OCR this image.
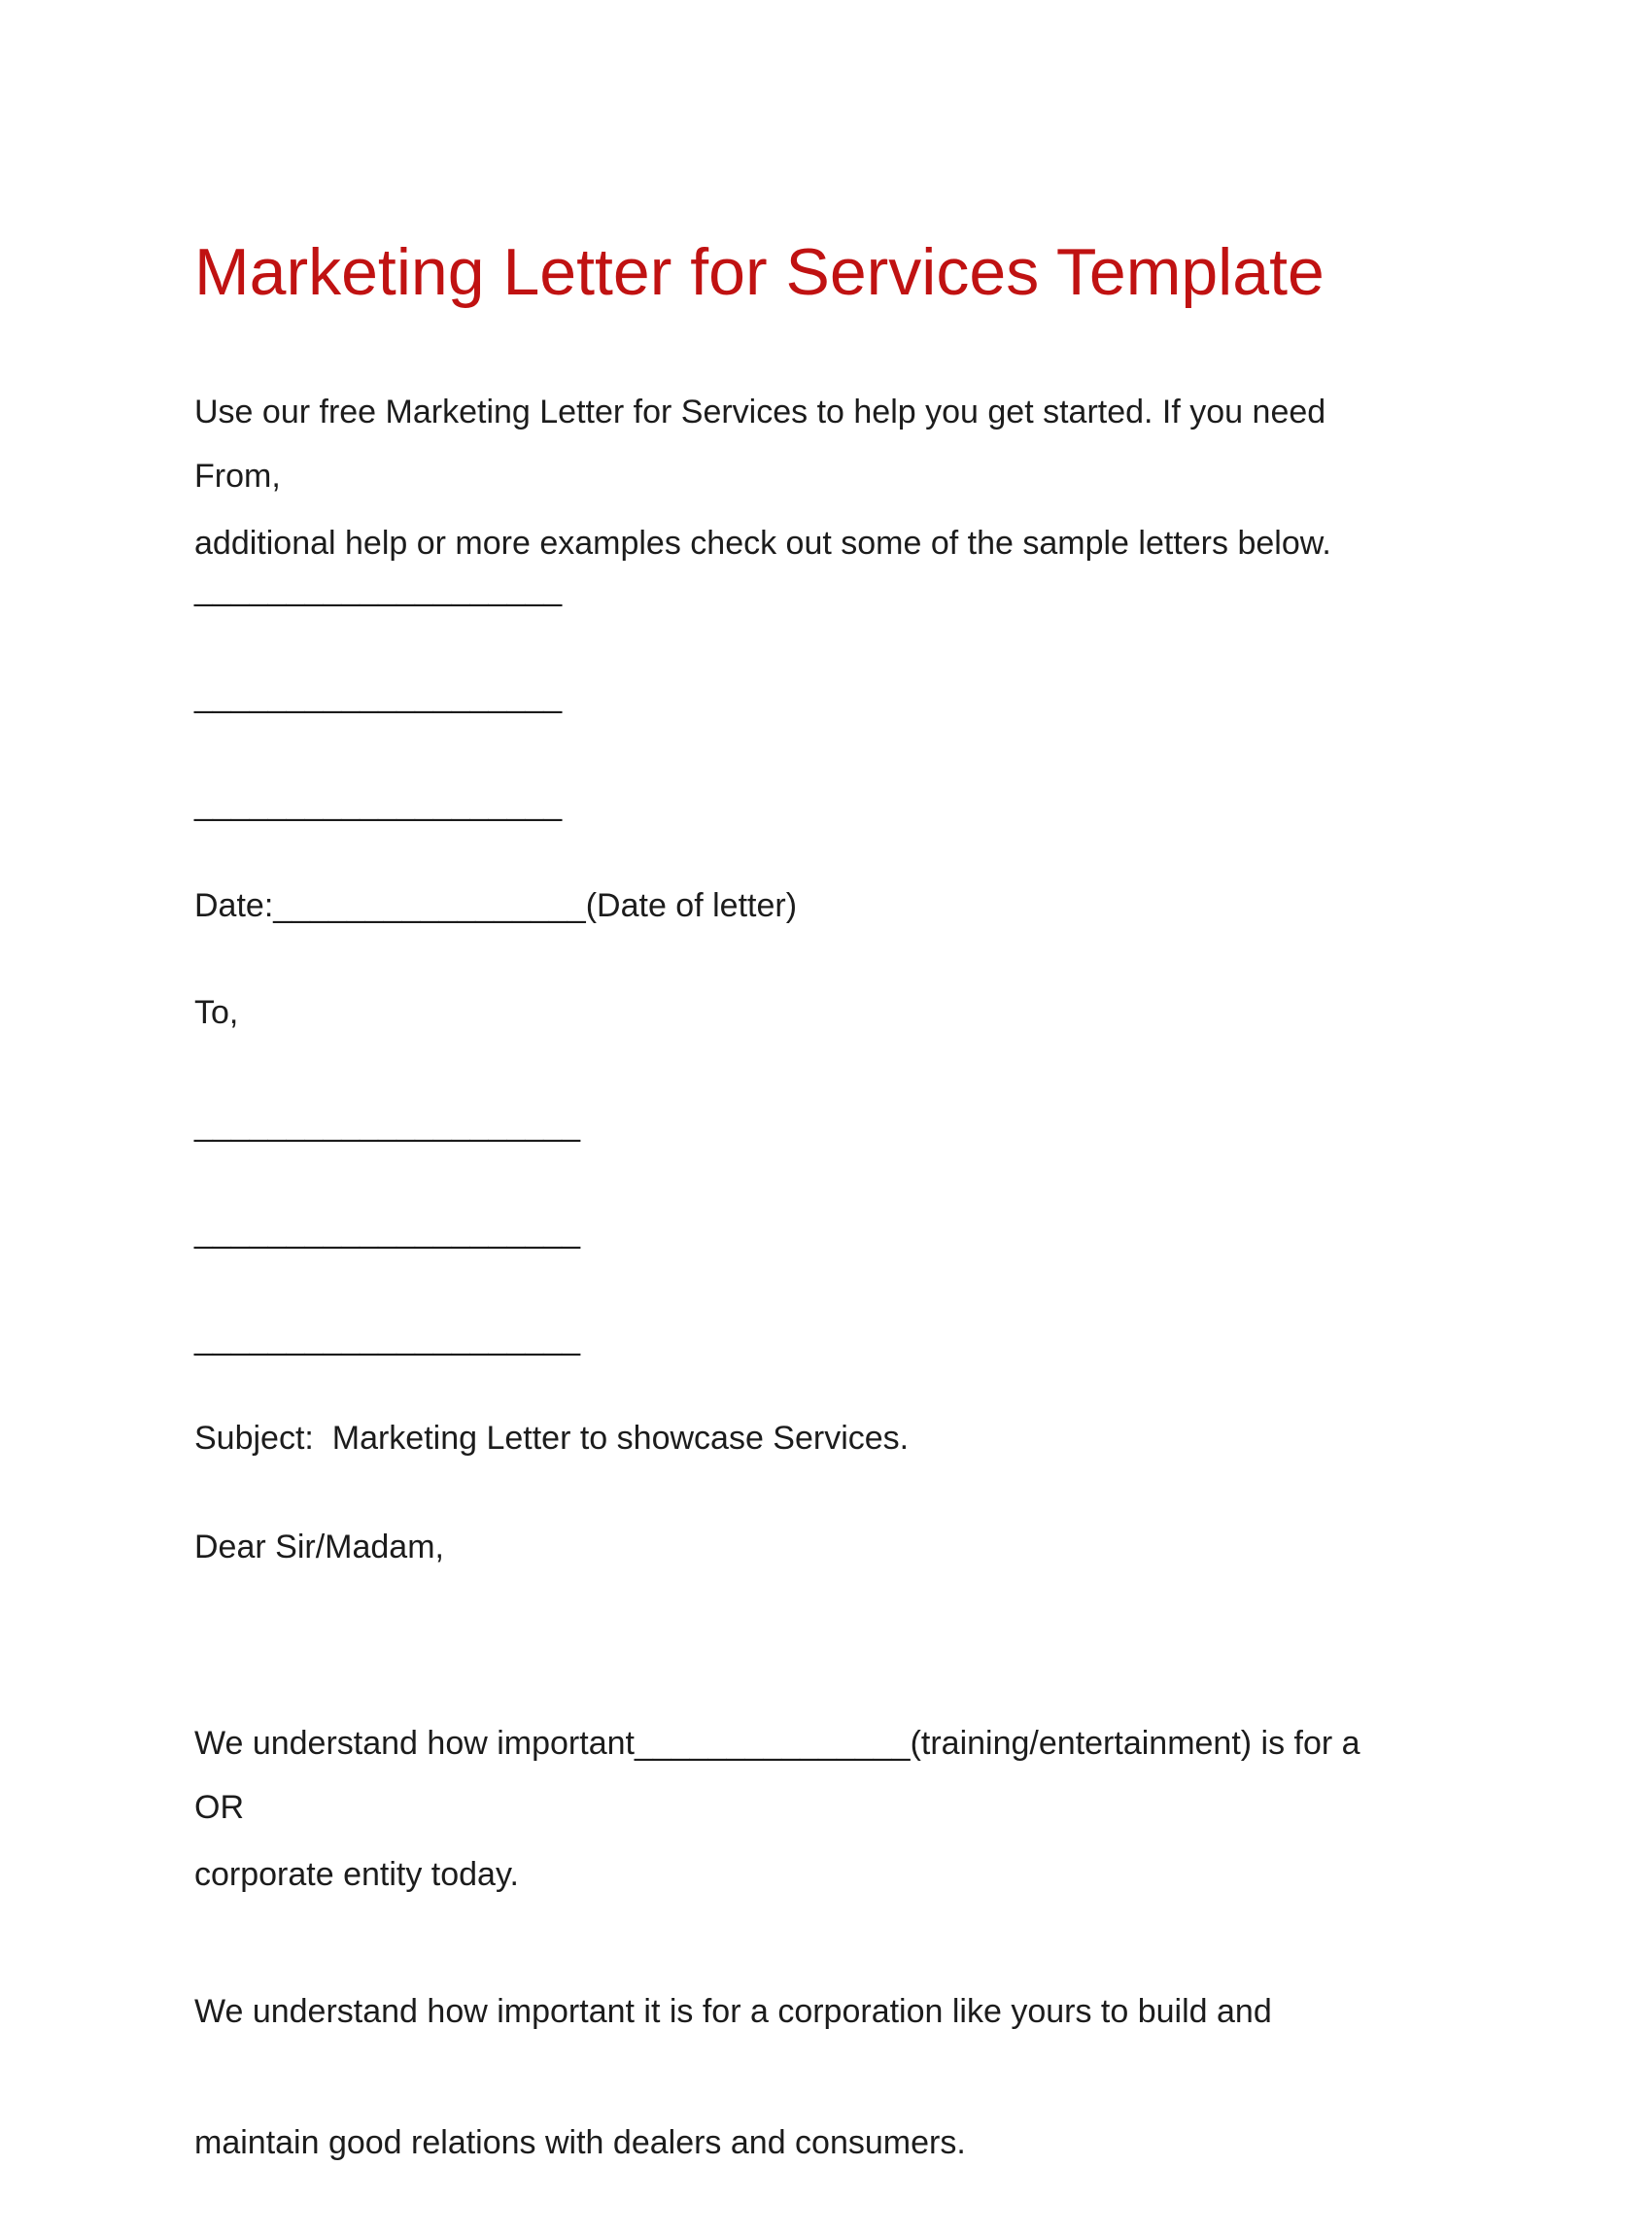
Marketing Letter for Services Template

Use our free Marketing Letter for Services to help you get started. If you need

additional help or more examples check out some of the sample letters below.

From,
____________________
____________________
____________________
Date:_________________(Date of letter)
To,
_____________________
_____________________
_____________________
Subject:  Marketing Letter to showcase Services.
Dear Sir/Madam,

We understand how important_______________(training/entertainment) is for a

corporate entity today.

OR

We understand how important it is for a corporation like yours to build and

maintain good relations with dealers and consumers.
